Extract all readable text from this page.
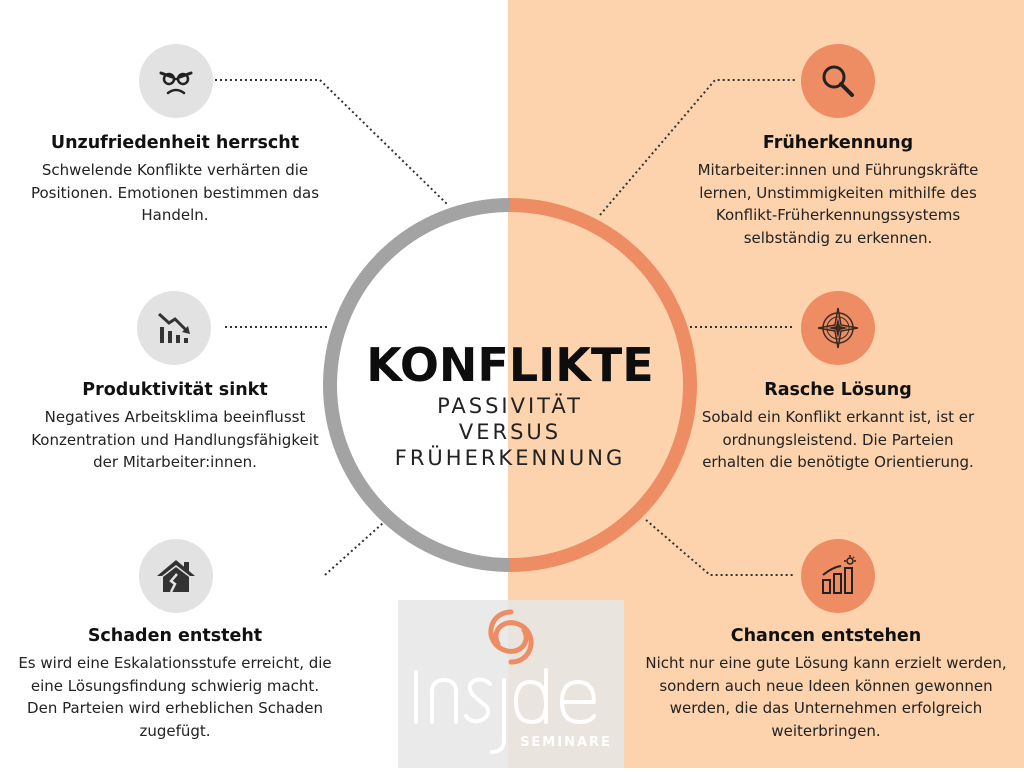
KONFLIKTE
PASSIVITÄT
VERSUS
FRÜHERKENNUNG
Unzufriedenheit herrscht

Schwelende Konflikte verhärten die Positionen. Emotionen bestimmen das Handeln.

Produktivität sinkt

Negatives Arbeitsklima beeinflusst Konzentration und Handlungsfähigkeit der Mitarbeiter:innen.

Schaden entsteht

Es wird eine Eskalationsstufe erreicht, die eine Lösungsfindung schwierig macht. Den Parteien wird erheblichen Schaden zugefügt.

Früherkennung

Mitarbeiter:innen und Führungskräfte lernen, Unstimmigkeiten mithilfe des Konflikt-Früherkennungssystems selbständig zu erkennen.

Rasche Lösung

Sobald ein Konflikt erkannt ist, ist er ordnungsleistend. Die Parteien erhalten die benötigte Orientierung.

Chancen entstehen

Nicht nur eine gute Lösung kann erzielt werden, sondern auch neue Ideen können gewonnen werden, die das Unternehmen erfolgreich weiterbringen.

SEMINARE
